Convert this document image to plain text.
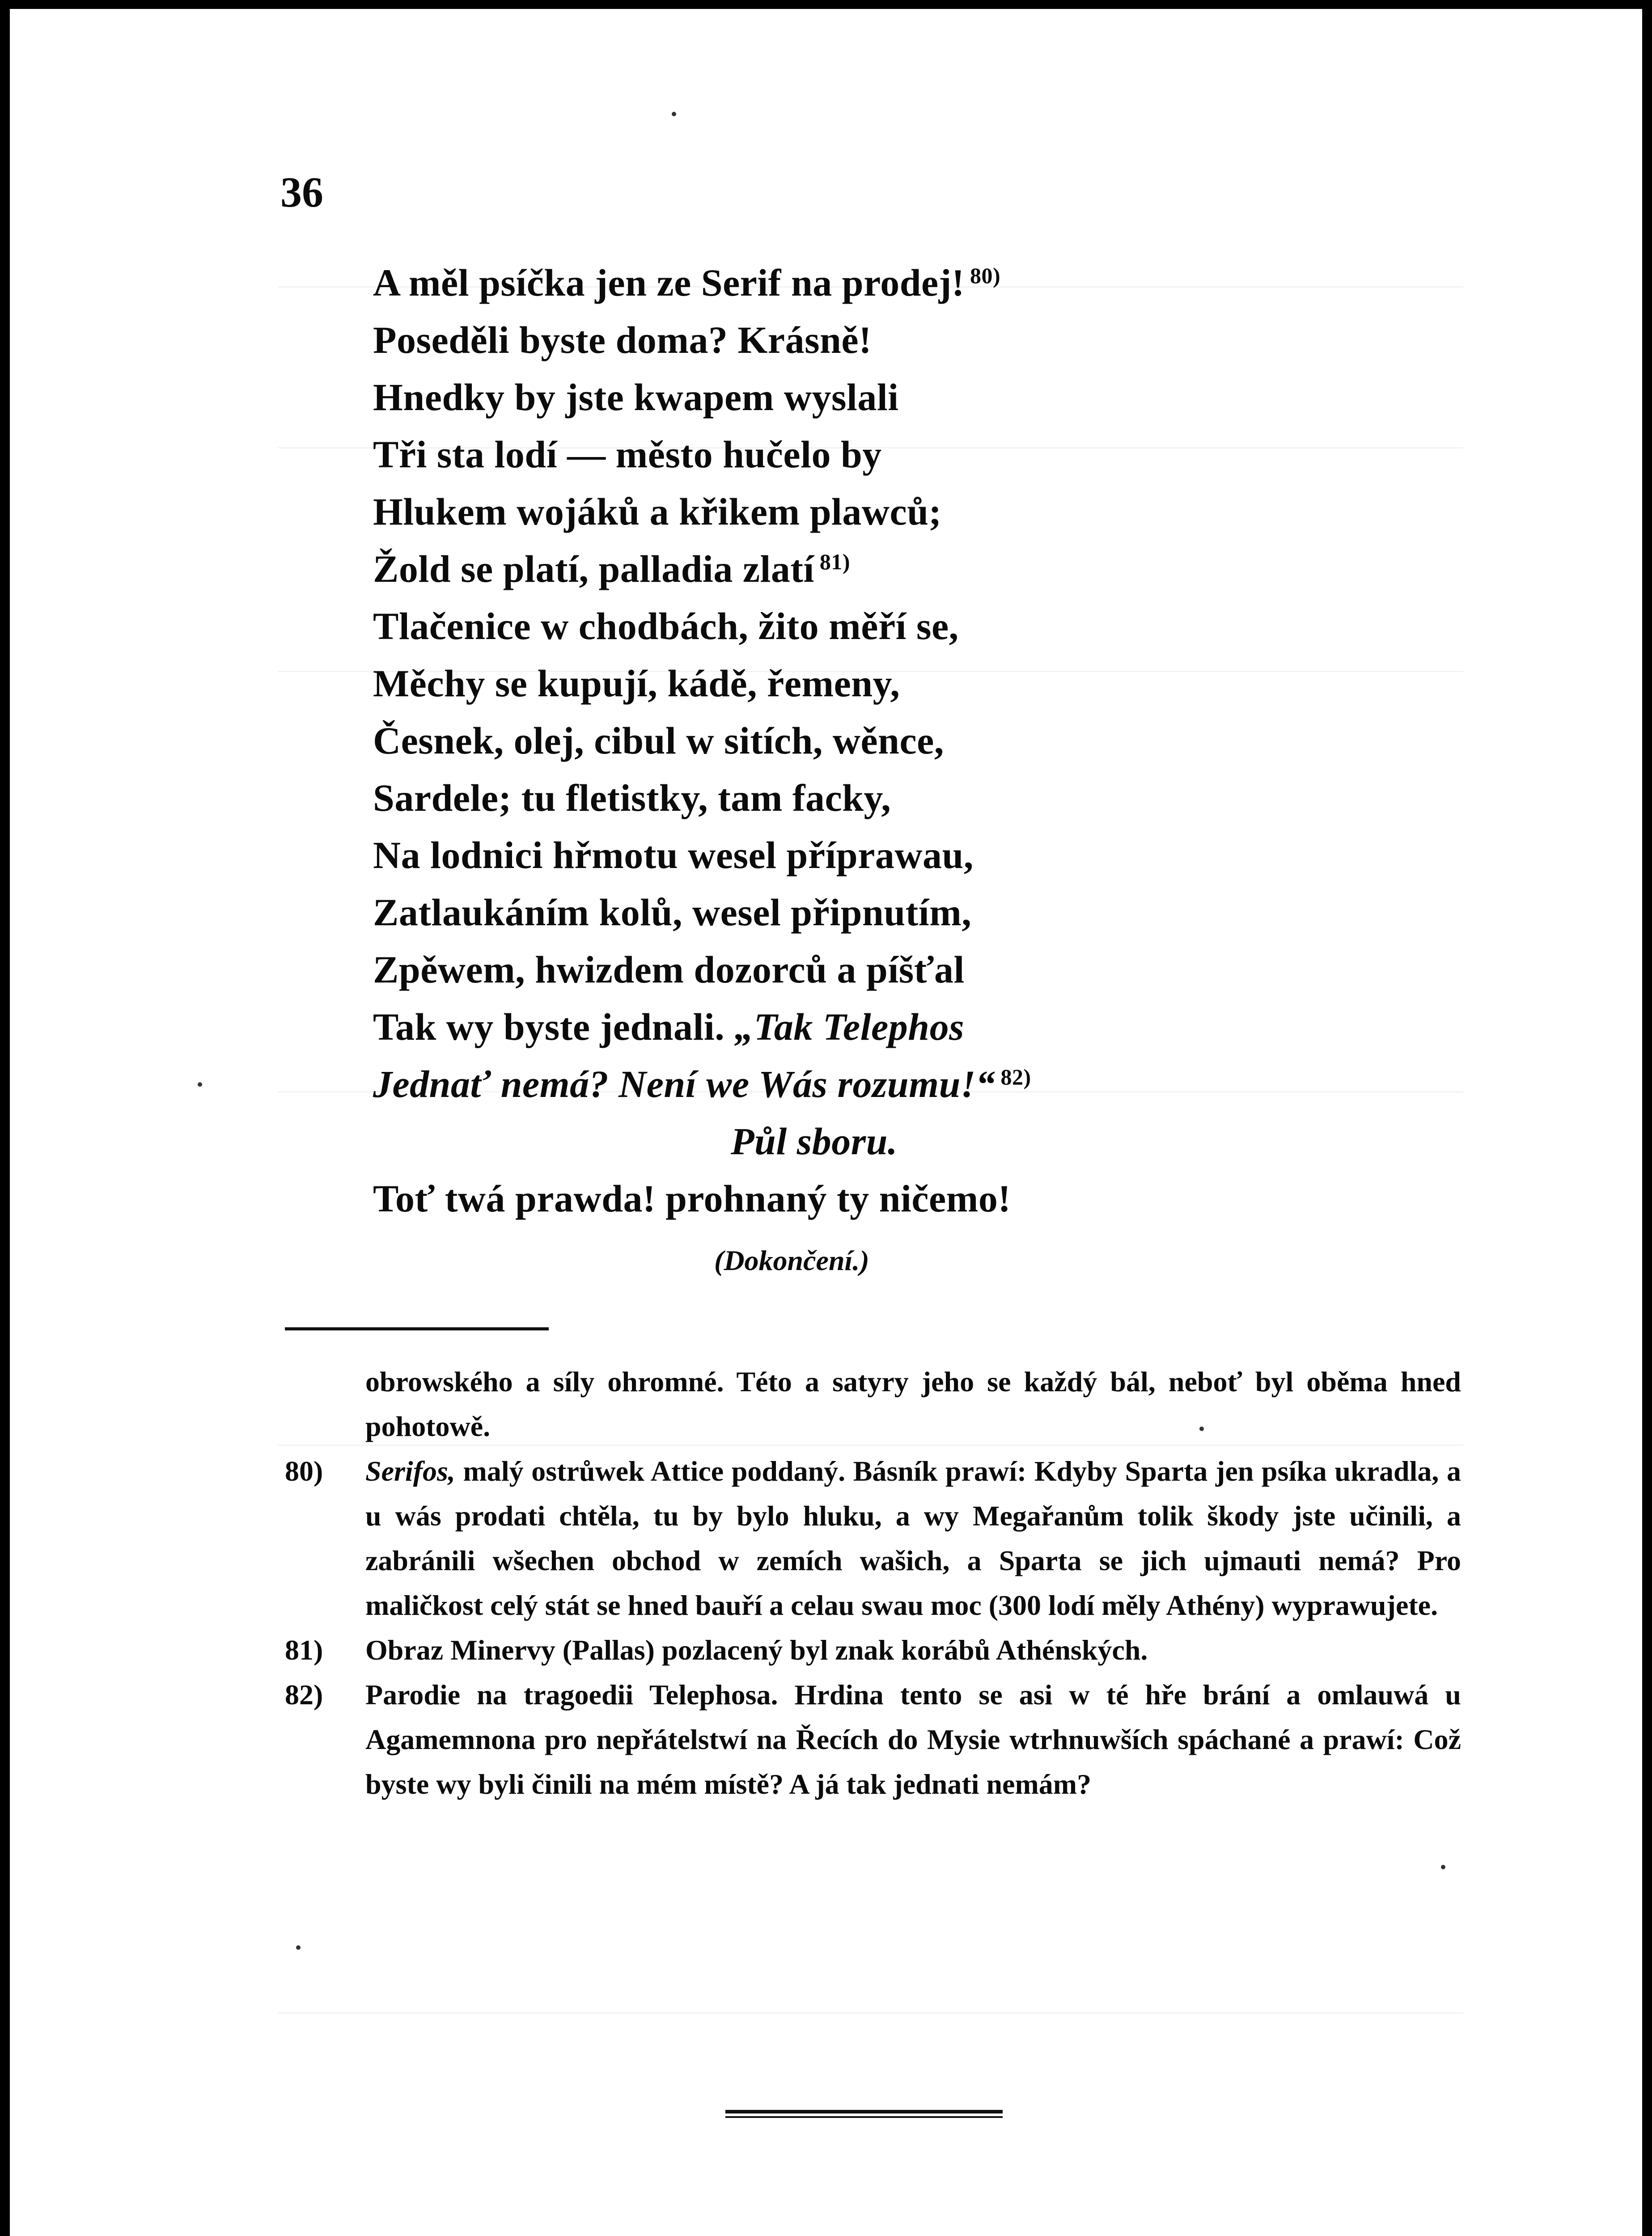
36

A měl psíčka jen ze Serif na prodej! $^{80)}$
Poseděli byste doma? Krásně!
Hnedky by jste kwapem wyslali
Tři sta lodí — město hučelo by
Hlukem wojáků a křikem plawců;
Žold se platí, palladia zlatí $^{81)}$
Tlačenice w chodbách, žito měří se,
Měchy se kupují, kádě, řemeny,
Česnek, olej, cibul w sitích, wěnce,
Sardele; tu fletistky, tam facky,
Na lodnici hřmotu wesel příprawau,
Zatlaukáním kolů, wesel připnutím,
Zpěwem, hwizdem dozorců a píšťal
Tak wy byste jednali. „Tak Telephos
Jednať nemá? Není we Wás rozumu!“ $^{82)}$
Půl sboru.
Toť twá prawda! prohnaný ty ničemo!

(Dokončení.)

obrowského a síly ohromné. Této a satyry jeho se každý bál, neboť byl oběma hned pohotowě.

80)	Serifos, malý ostrůwek Attice poddaný. Básník prawí: Kdyby Sparta jen psíka ukradla, a u wás prodati chtěla, tu by bylo hluku, a wy Megařanům tolik škody jste učinili, a zabránili wšechen obchod w zemích wašich, a Sparta se jich ujmauti nemá? Pro maličkost celý stát se hned bauří a celau swau moc (300 lodí měly Athény) wyprawujete.

81)	Obraz Minervy (Pallas) pozlacený byl znak korábů Athénských.

82)	Parodie na tragoedii Telephosa. Hrdina tento se asi w té hře brání a omlauwá u Agamemnona pro nepřátelstwí na Řecích do Mysie wtrhnuwších spáchané a prawí: Což byste wy byli činili na mém místě? A já tak jednati nemám?
